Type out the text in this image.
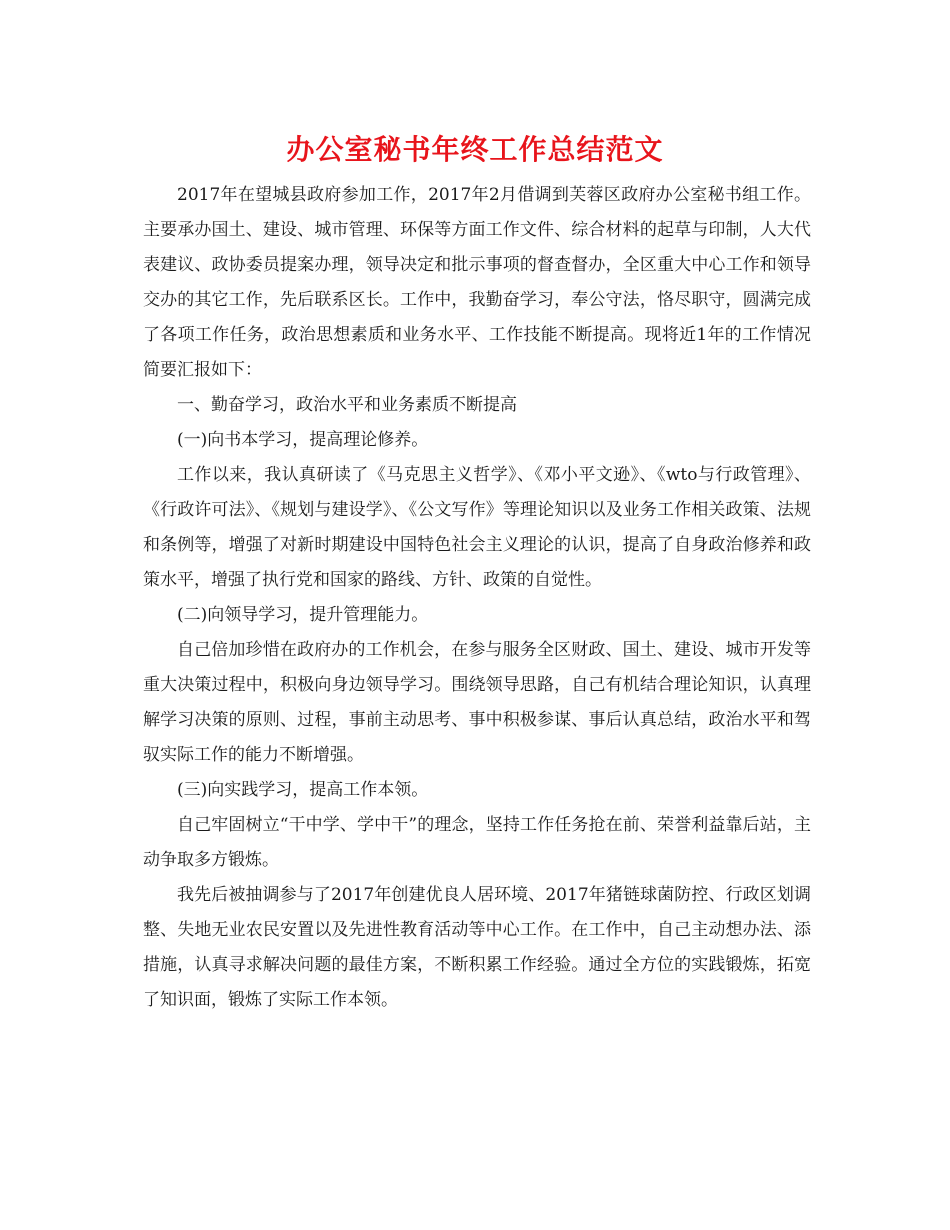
办公室秘书年终工作总结范文

2017年在望城县政府参加工作，2017年2月借调到芙蓉区政府办公室秘书组工作。主要承办国土、建设、城市管理、环保等方面工作文件、综合材料的起草与印制，人大代表建议、政协委员提案办理，领导决定和批示事项的督查督办，全区重大中心工作和领导交办的其它工作，先后联系区长。工作中，我勤奋学习，奉公守法，恪尽职守，圆满完成了各项工作任务，政治思想素质和业务水平、工作技能不断提高。现将近1年的工作情况简要汇报如下：

一、勤奋学习，政治水平和业务素质不断提高

(一)向书本学习，提高理论修养。

工作以来，我认真研读了《马克思主义哲学》、《邓小平文逊》、《wto与行政管理》、《行政许可法》、《规划与建设学》、《公文写作》等理论知识以及业务工作相关政策、法规和条例等，增强了对新时期建设中国特色社会主义理论的认识，提高了自身政治修养和政策水平，增强了执行党和国家的路线、方针、政策的自觉性。

(二)向领导学习，提升管理能力。

自己倍加珍惜在政府办的工作机会，在参与服务全区财政、国土、建设、城市开发等重大决策过程中，积极向身边领导学习。围绕领导思路，自己有机结合理论知识，认真理解学习决策的原则、过程，事前主动思考、事中积极参谋、事后认真总结，政治水平和驾驭实际工作的能力不断增强。

(三)向实践学习，提高工作本领。

自己牢固树立“干中学、学中干”的理念，坚持工作任务抢在前、荣誉利益靠后站，主动争取多方锻炼。

我先后被抽调参与了2017年创建优良人居环境、2017年猪链球菌防控、行政区划调整、失地无业农民安置以及先进性教育活动等中心工作。在工作中，自己主动想办法、添措施，认真寻求解决问题的最佳方案，不断积累工作经验。通过全方位的实践锻炼，拓宽了知识面，锻炼了实际工作本领。
